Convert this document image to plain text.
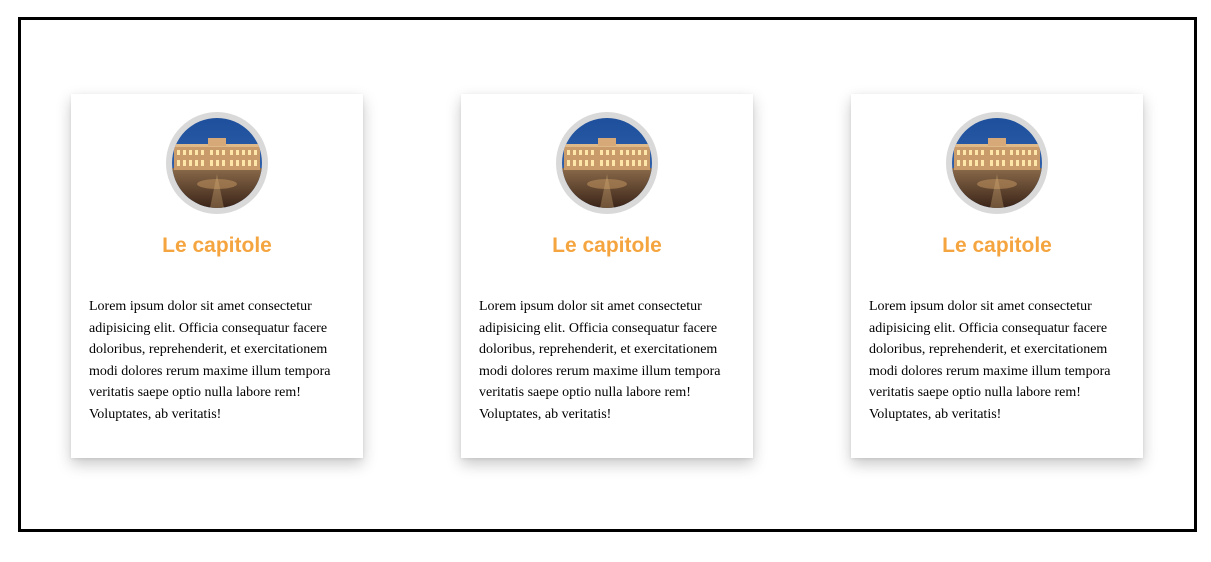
Le capitole

Lorem ipsum dolor sit amet consectetur adipisicing elit. Officia consequatur facere doloribus, reprehenderit, et exercitationem modi dolores rerum maxime illum tempora veritatis saepe optio nulla labore rem! Voluptates, ab veritatis!

Le capitole

Lorem ipsum dolor sit amet consectetur adipisicing elit. Officia consequatur facere doloribus, reprehenderit, et exercitationem modi dolores rerum maxime illum tempora veritatis saepe optio nulla labore rem! Voluptates, ab veritatis!

Le capitole

Lorem ipsum dolor sit amet consectetur adipisicing elit. Officia consequatur facere doloribus, reprehenderit, et exercitationem modi dolores rerum maxime illum tempora veritatis saepe optio nulla labore rem! Voluptates, ab veritatis!
